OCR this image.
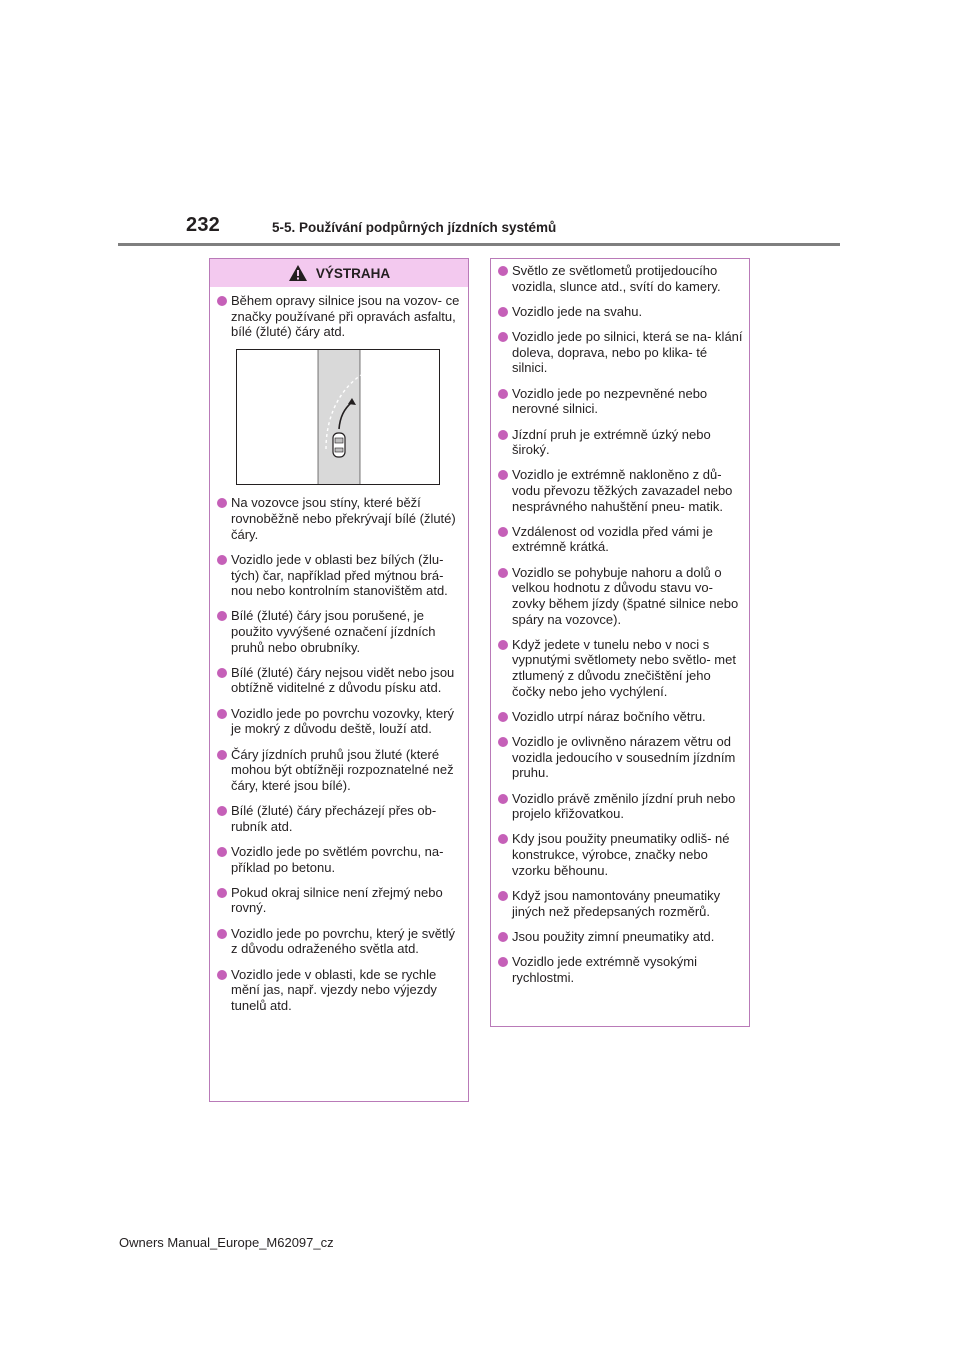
232	5-5. Používání podpůrných jízdních systémů
VÝSTRAHA
Během opravy silnice jsou na vozov- ce značky používané při opravách asfaltu, bílé (žluté) čáry atd.
Na vozovce jsou stíny, které běží rovnoběžně nebo překrývají bílé (žluté) čáry.
Vozidlo jede v oblasti bez bílých (žlu- tých) čar, například před mýtnou brá- nou nebo kontrolním stanovištěm atd.
Bílé (žluté) čáry jsou porušené, je použito vyvýšené označení jízdních pruhů nebo obrubníky.
Bílé (žluté) čáry nejsou vidět nebo jsou obtížně viditelné z důvodu písku atd.
Vozidlo jede po povrchu vozovky, který je mokrý z důvodu deště, louží atd.
Čáry jízdních pruhů jsou žluté (které mohou být obtížněji rozpoznatelné než čáry, které jsou bílé).
Bílé (žluté) čáry přecházejí přes ob- rubník atd.
Vozidlo jede po světlém povrchu, na- příklad po betonu.
Pokud okraj silnice není zřejmý nebo rovný.
Vozidlo jede po povrchu, který je světlý z důvodu odraženého světla atd.
Vozidlo jede v oblasti, kde se rychle mění jas, např. vjezdy nebo výjezdy tunelů atd.
Světlo ze světlometů protijedoucího vozidla, slunce atd., svítí do kamery.
Vozidlo jede na svahu.
Vozidlo jede po silnici, která se na- klání doleva, doprava, nebo po klika- té silnici.
Vozidlo jede po nezpevněné nebo nerovné silnici.
Jízdní pruh je extrémně úzký nebo široký.
Vozidlo je extrémně nakloněno z dů- vodu převozu těžkých zavazadel nebo nesprávného nahuštění pneu- matik.
Vzdálenost od vozidla před vámi je extrémně krátká.
Vozidlo se pohybuje nahoru a dolů o velkou hodnotu z důvodu stavu vo- zovky během jízdy (špatné silnice nebo spáry na vozovce).
Když jedete v tunelu nebo v noci s vypnutými světlomety nebo světlo- met ztlumený z důvodu znečištění jeho čočky nebo jeho vychýlení.
Vozidlo utrpí náraz bočního větru.
Vozidlo je ovlivněno nárazem větru od vozidla jedoucího v sousedním jízdním pruhu.
Vozidlo právě změnilo jízdní pruh nebo projelo křižovatkou.
Kdy jsou použity pneumatiky odliš- né konstrukce, výrobce, značky nebo vzorku běhounu.
Když jsou namontovány pneumatiky jiných než předepsaných rozměrů.
Jsou použity zimní pneumatiky atd.
Vozidlo jede extrémně vysokými rychlostmi.
Owners Manual_Europe_M62097_cz
